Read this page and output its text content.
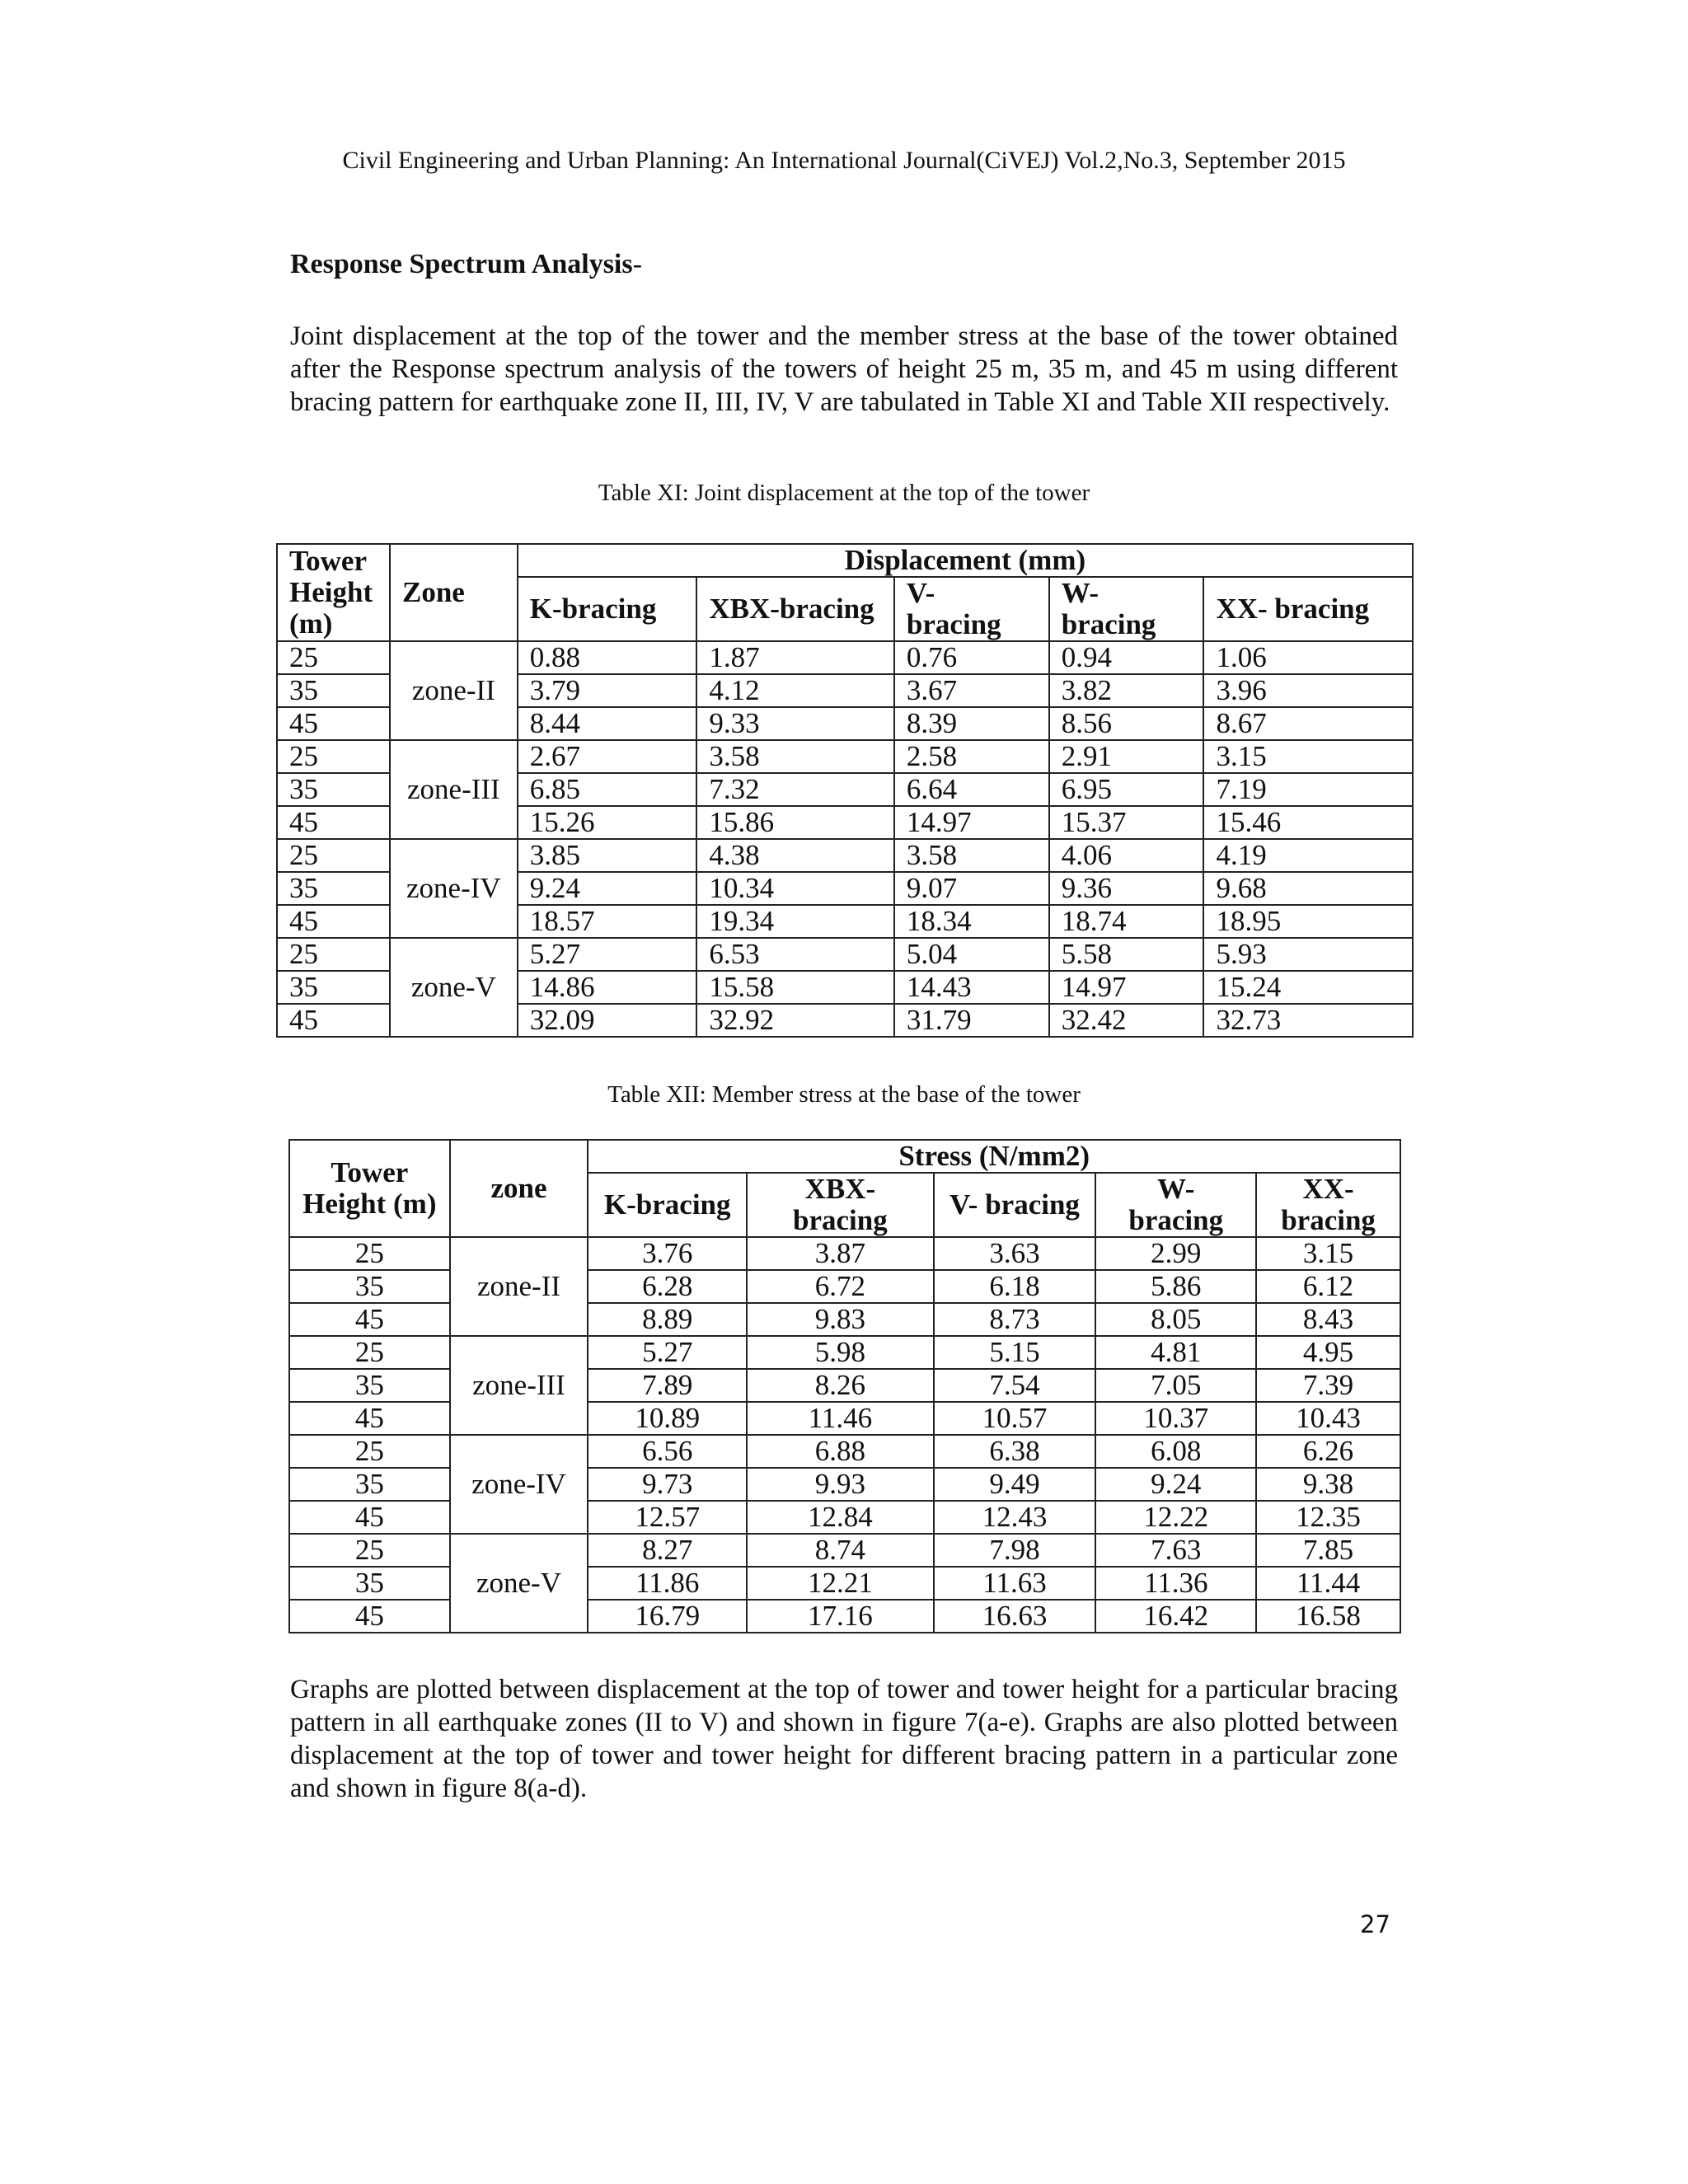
Civil Engineering and Urban Planning: An International Journal(CiVEJ) Vol.2,No.3, September 2015
Response Spectrum Analysis-

Joint displacement at the top of the tower and the member stress at the base of the tower obtained after the Response spectrum analysis of the towers of height 25 m, 35 m, and 45 m using different bracing pattern for earthquake zone II, III, IV, V are tabulated in Table XI and Table XII respectively.

Table XI: Joint displacement at the top of the tower
Tower Height (m)	Zone	Displacement (mm)				
		K-bracing	XBX-bracing	V- bracing	W- bracing	XX- bracing
25	zone-II	0.88	1.87	0.76	0.94	1.06
35		3.79	4.12	3.67	3.82	3.96
45		8.44	9.33	8.39	8.56	8.67
25	zone-III	2.67	3.58	2.58	2.91	3.15
35		6.85	7.32	6.64	6.95	7.19
45		15.26	15.86	14.97	15.37	15.46
25	zone-IV	3.85	4.38	3.58	4.06	4.19
35		9.24	10.34	9.07	9.36	9.68
45		18.57	19.34	18.34	18.74	18.95
25	zone-V	5.27	6.53	5.04	5.58	5.93
35		14.86	15.58	14.43	14.97	15.24
45		32.09	32.92	31.79	32.42	32.73
Table XII: Member stress at the base of the tower
Tower Height (m)	zone	Stress (N/mm2)				
		K-bracing	XBX- bracing	V- bracing	W- bracing	XX- bracing
25	zone-II	3.76	3.87	3.63	2.99	3.15
35		6.28	6.72	6.18	5.86	6.12
45		8.89	9.83	8.73	8.05	8.43
25	zone-III	5.27	5.98	5.15	4.81	4.95
35		7.89	8.26	7.54	7.05	7.39
45		10.89	11.46	10.57	10.37	10.43
25	zone-IV	6.56	6.88	6.38	6.08	6.26
35		9.73	9.93	9.49	9.24	9.38
45		12.57	12.84	12.43	12.22	12.35
25	zone-V	8.27	8.74	7.98	7.63	7.85
35		11.86	12.21	11.63	11.36	11.44
45		16.79	17.16	16.63	16.42	16.58

Graphs are plotted between displacement at the top of tower and tower height for a particular bracing pattern in all earthquake zones (II to V) and shown in figure 7(a-e). Graphs are also plotted between displacement at the top of tower and tower height for different bracing pattern in a particular zone and shown in figure 8(a-d).

27
